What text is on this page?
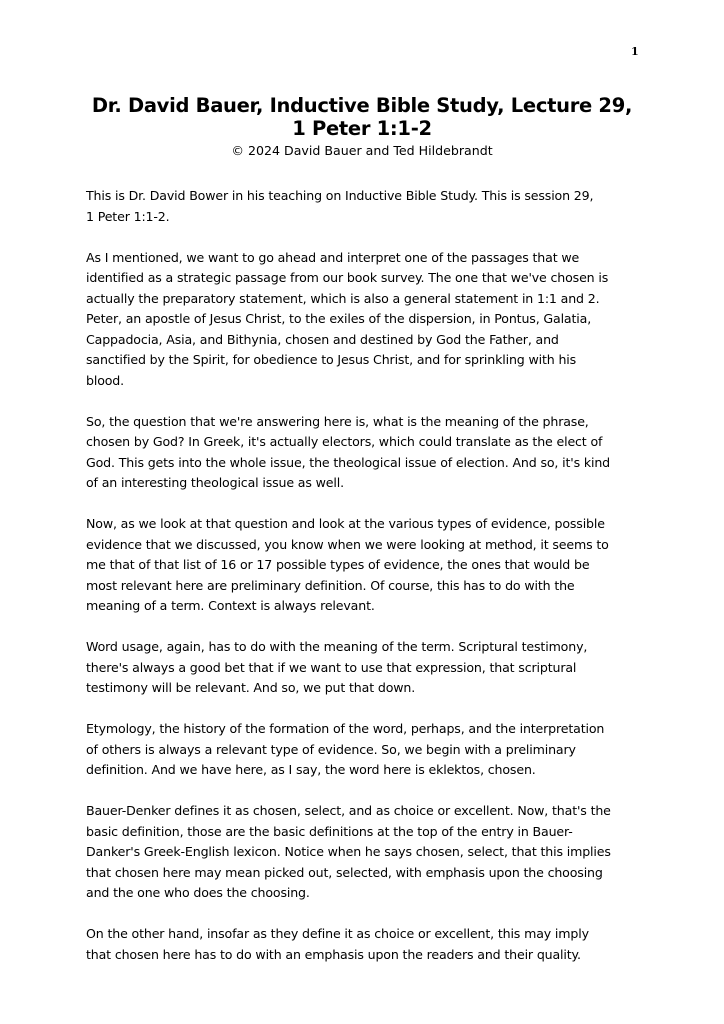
1

Dr. David Bauer, Inductive Bible Study, Lecture 29,
1 Peter 1:1-2

© 2024 David Bauer and Ted Hildebrandt

This is Dr. David Bower in his teaching on Inductive Bible Study. This is session 29,
1 Peter 1:1-2.

As I mentioned, we want to go ahead and interpret one of the passages that we
identified as a strategic passage from our book survey. The one that we've chosen is
actually the preparatory statement, which is also a general statement in 1:1 and 2.
Peter, an apostle of Jesus Christ, to the exiles of the dispersion, in Pontus, Galatia,
Cappadocia, Asia, and Bithynia, chosen and destined by God the Father, and
sanctified by the Spirit, for obedience to Jesus Christ, and for sprinkling with his
blood.

So, the question that we're answering here is, what is the meaning of the phrase,
chosen by God? In Greek, it's actually electors, which could translate as the elect of
God. This gets into the whole issue, the theological issue of election. And so, it's kind
of an interesting theological issue as well.

Now, as we look at that question and look at the various types of evidence, possible
evidence that we discussed, you know when we were looking at method, it seems to
me that of that list of 16 or 17 possible types of evidence, the ones that would be
most relevant here are preliminary definition. Of course, this has to do with the
meaning of a term. Context is always relevant.

Word usage, again, has to do with the meaning of the term. Scriptural testimony,
there's always a good bet that if we want to use that expression, that scriptural
testimony will be relevant. And so, we put that down.

Etymology, the history of the formation of the word, perhaps, and the interpretation
of others is always a relevant type of evidence. So, we begin with a preliminary
definition. And we have here, as I say, the word here is eklektos, chosen.

Bauer-Denker defines it as chosen, select, and as choice or excellent. Now, that's the
basic definition, those are the basic definitions at the top of the entry in Bauer-
Danker's Greek-English lexicon. Notice when he says chosen, select, that this implies
that chosen here may mean picked out, selected, with emphasis upon the choosing
and the one who does the choosing.

On the other hand, insofar as they define it as choice or excellent, this may imply
that chosen here has to do with an emphasis upon the readers and their quality.
